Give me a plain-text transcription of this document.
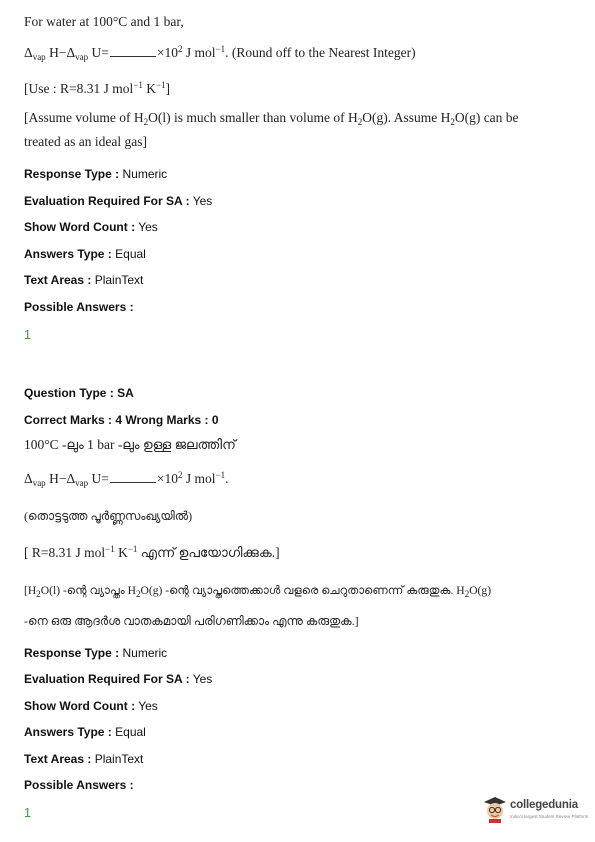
For water at 100°C and 1 bar,
$\Delta_{vap}$ $H-\Delta_{vap}$ U=	$\times 10^2$ J mol$^{-1}$. (Round off to the Nearest Integer)
[Use : R=8.31 J mol$^{-1}$ $K^{-1}$]
[Assume volume of $H_2O(l)$ is much smaller than volume of $H_2O(g)$. Assume $H_2O(g)$ can be
treated as an ideal gas]
Response Type : Numeric
Evaluation Required For SA : Yes
Show Word Count : Yes
Answers Type : Equal
Text Areas : PlainText
Possible Answers :
1
Question Type : SA
Correct Marks : 4 Wrong Marks : 0
100°C -ലും 1 bar -ലും ഉള്ള ജലത്തിന്
$\Delta_{vap}$ $H-\Delta_{vap}$ U=	$\times 10^2$ J mol$^{-1}$.
(തൊട്ടടുത്ത പൂർണ്ണസംഖ്യയിൽ)
[ R=8.31 J mol$^{-1}$ $K^{-1}$ എന്ന് ഉപയോഗിക്കുക.]
[$H_2O(l)$ -ന്റെ വ്യാപ്തം $H_2O(g)$ -ന്റെ വ്യാപ്തത്തെക്കാൾ വളരെ ചെറുതാണെന്ന് കരുതുക. $H_2O(g)$
-നെ ഒരു ആദർശ വാതകമായി പരിഗണിക്കാം എന്നു കരുതുക.]
Response Type : Numeric
Evaluation Required For SA : Yes
Show Word Count : Yes
Answers Type : Equal
Text Areas : PlainText
Possible Answers :
1
collegedunia
India's largest Student Review Platform
